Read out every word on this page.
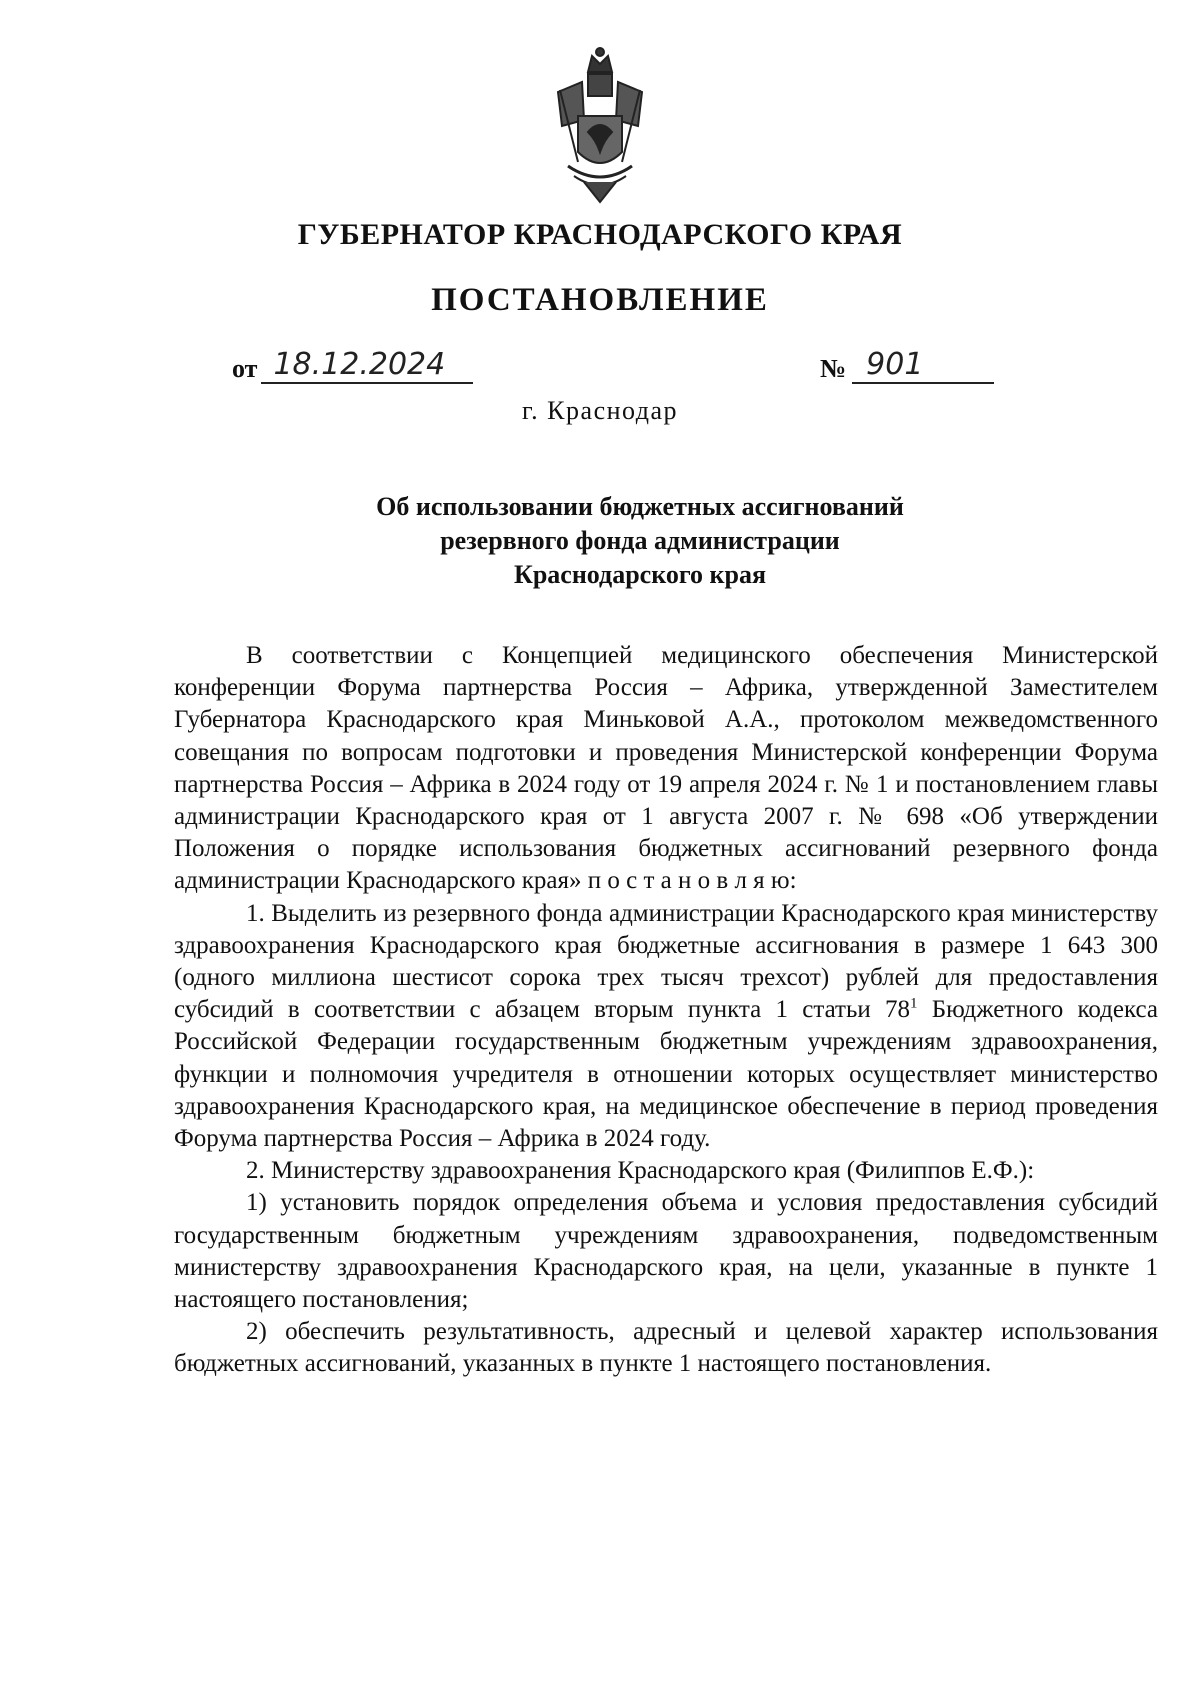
ГУБЕРНАТОР КРАСНОДАРСКОГО КРАЯ
ПОСТАНОВЛЕНИЕ
от 18.12.2024	№ 901
г. Краснодар
Об использовании бюджетных ассигнований
резервного фонда администрации
Краснодарского края

В соответствии с Концепцией медицинского обеспечения Министерской конференции Форума партнерства Россия – Африка, утвержденной Заместителем Губернатора Краснодарского края Миньковой А.А., протоколом межведомственного совещания по вопросам подготовки и проведения Министерской конференции Форума партнерства Россия – Африка в 2024 году от 19 апреля 2024 г. № 1 и постановлением главы администрации Краснодарского края от 1 августа 2007 г. № 698 «Об утверждении Положения о порядке использования бюджетных ассигнований резервного фонда администрации Краснодарского края» п о с т а н о в л я ю:

1. Выделить из резервного фонда администрации Краснодарского края министерству здравоохранения Краснодарского края бюджетные ассигнования в размере 1 643 300 (одного миллиона шестисот сорока трех тысяч трехсот) рублей для предоставления субсидий в соответствии с абзацем вторым пункта 1 статьи $78^1$ Бюджетного кодекса Российской Федерации государственным бюджетным учреждениям здравоохранения, функции и полномочия учредителя в отношении которых осуществляет министерство здравоохранения Краснодарского края, на медицинское обеспечение в период проведения Форума партнерства Россия – Африка в 2024 году.

2. Министерству здравоохранения Краснодарского края (Филиппов Е.Ф.):

1) установить порядок определения объема и условия предоставления субсидий государственным бюджетным учреждениям здравоохранения, подведомственным министерству здравоохранения Краснодарского края, на цели, указанные в пункте 1 настоящего постановления;

2) обеспечить результативность, адресный и целевой характер использования бюджетных ассигнований, указанных в пункте 1 настоящего постановления.
